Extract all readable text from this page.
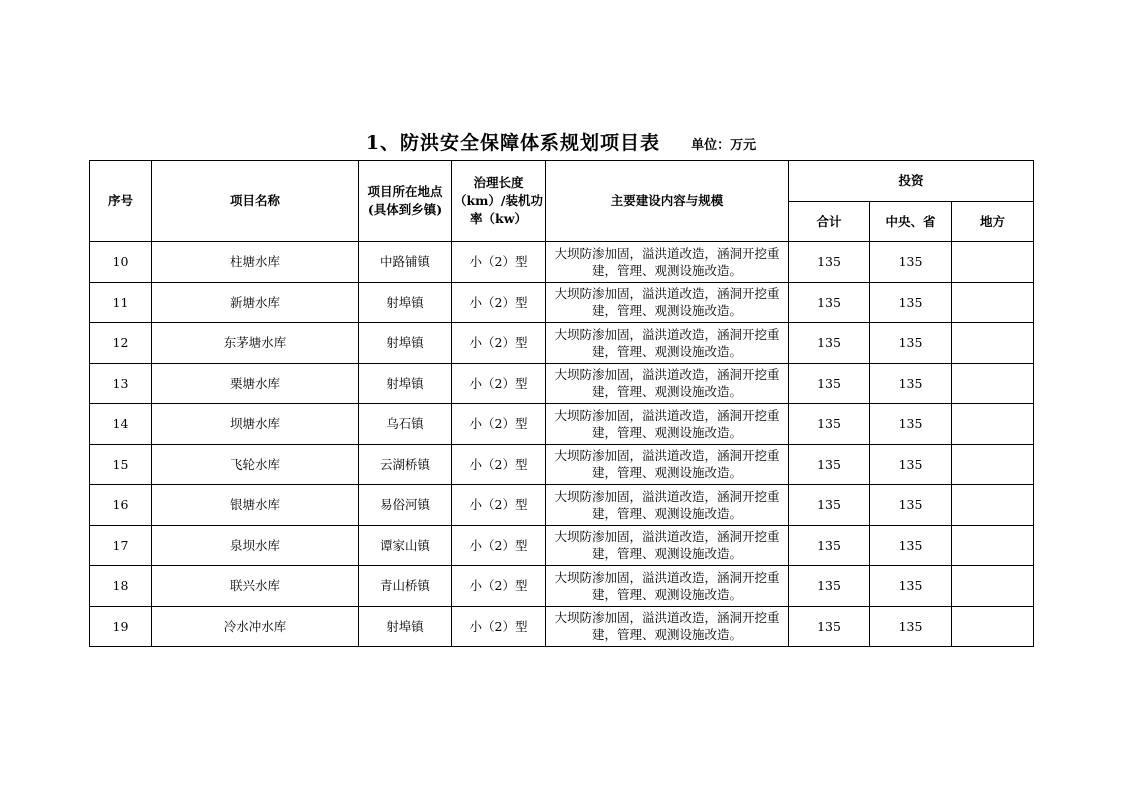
1、防洪安全保障体系规划项目表 单位：万元
序号	项目名称	项目所在地点(具体到乡镇)	治理长度（km）/装机功率（kw）	主要建设内容与规模	投资		
					合计	中央、省	地方
10	柱塘水库	中路铺镇	小（2）型	大坝防渗加固，溢洪道改造，涵洞开挖重建，管理、观测设施改造。	135	135	
11	新塘水库	射埠镇	小（2）型	大坝防渗加固，溢洪道改造，涵洞开挖重建，管理、观测设施改造。	135	135	
12	东茅塘水库	射埠镇	小（2）型	大坝防渗加固，溢洪道改造，涵洞开挖重建，管理、观测设施改造。	135	135	
13	栗塘水库	射埠镇	小（2）型	大坝防渗加固，溢洪道改造，涵洞开挖重建，管理、观测设施改造。	135	135	
14	坝塘水库	乌石镇	小（2）型	大坝防渗加固，溢洪道改造，涵洞开挖重建，管理、观测设施改造。	135	135	
15	飞轮水库	云湖桥镇	小（2）型	大坝防渗加固，溢洪道改造，涵洞开挖重建，管理、观测设施改造。	135	135	
16	银塘水库	易俗河镇	小（2）型	大坝防渗加固，溢洪道改造，涵洞开挖重建，管理、观测设施改造。	135	135	
17	泉坝水库	谭家山镇	小（2）型	大坝防渗加固，溢洪道改造，涵洞开挖重建，管理、观测设施改造。	135	135	
18	联兴水库	青山桥镇	小（2）型	大坝防渗加固，溢洪道改造，涵洞开挖重建，管理、观测设施改造。	135	135	
19	冷水冲水库	射埠镇	小（2）型	大坝防渗加固，溢洪道改造，涵洞开挖重建，管理、观测设施改造。	135	135	
